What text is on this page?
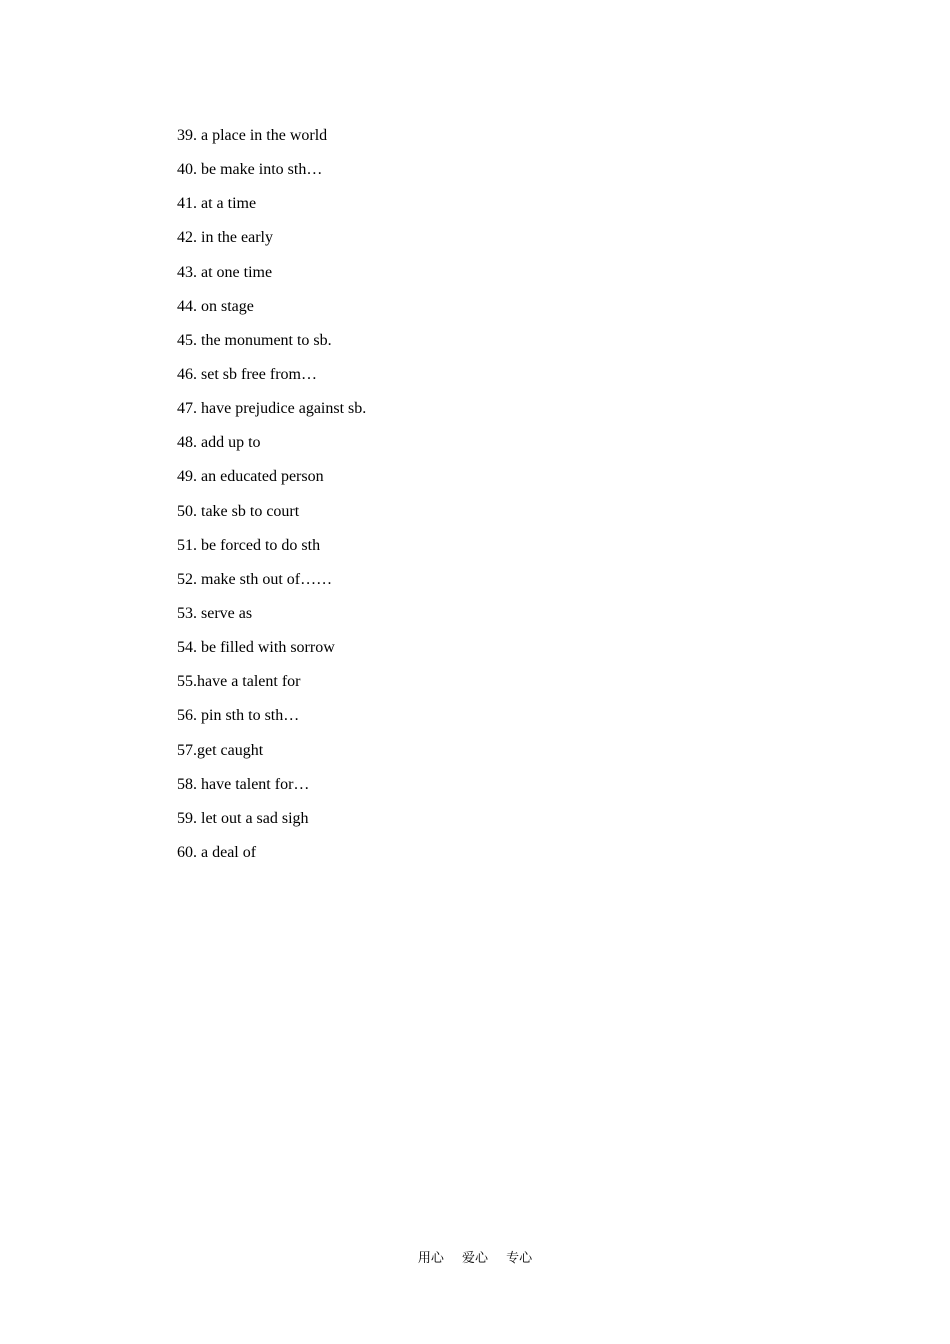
39. a place in the world
40. be make into sth…
41. at a time
42. in the early
43. at one time
44. on stage
45. the monument to sb.
46. set sb free from…
47. have prejudice against sb.
48. add up to
49. an educated person
50. take sb to court
51. be forced to do sth
52. make sth out of……
53. serve as
54. be filled with sorrow
55.have a talent for
56. pin sth to sth…
57.get caught
58. have talent for…
59. let out a sad sigh
60. a deal of
用心 爱心 专心
